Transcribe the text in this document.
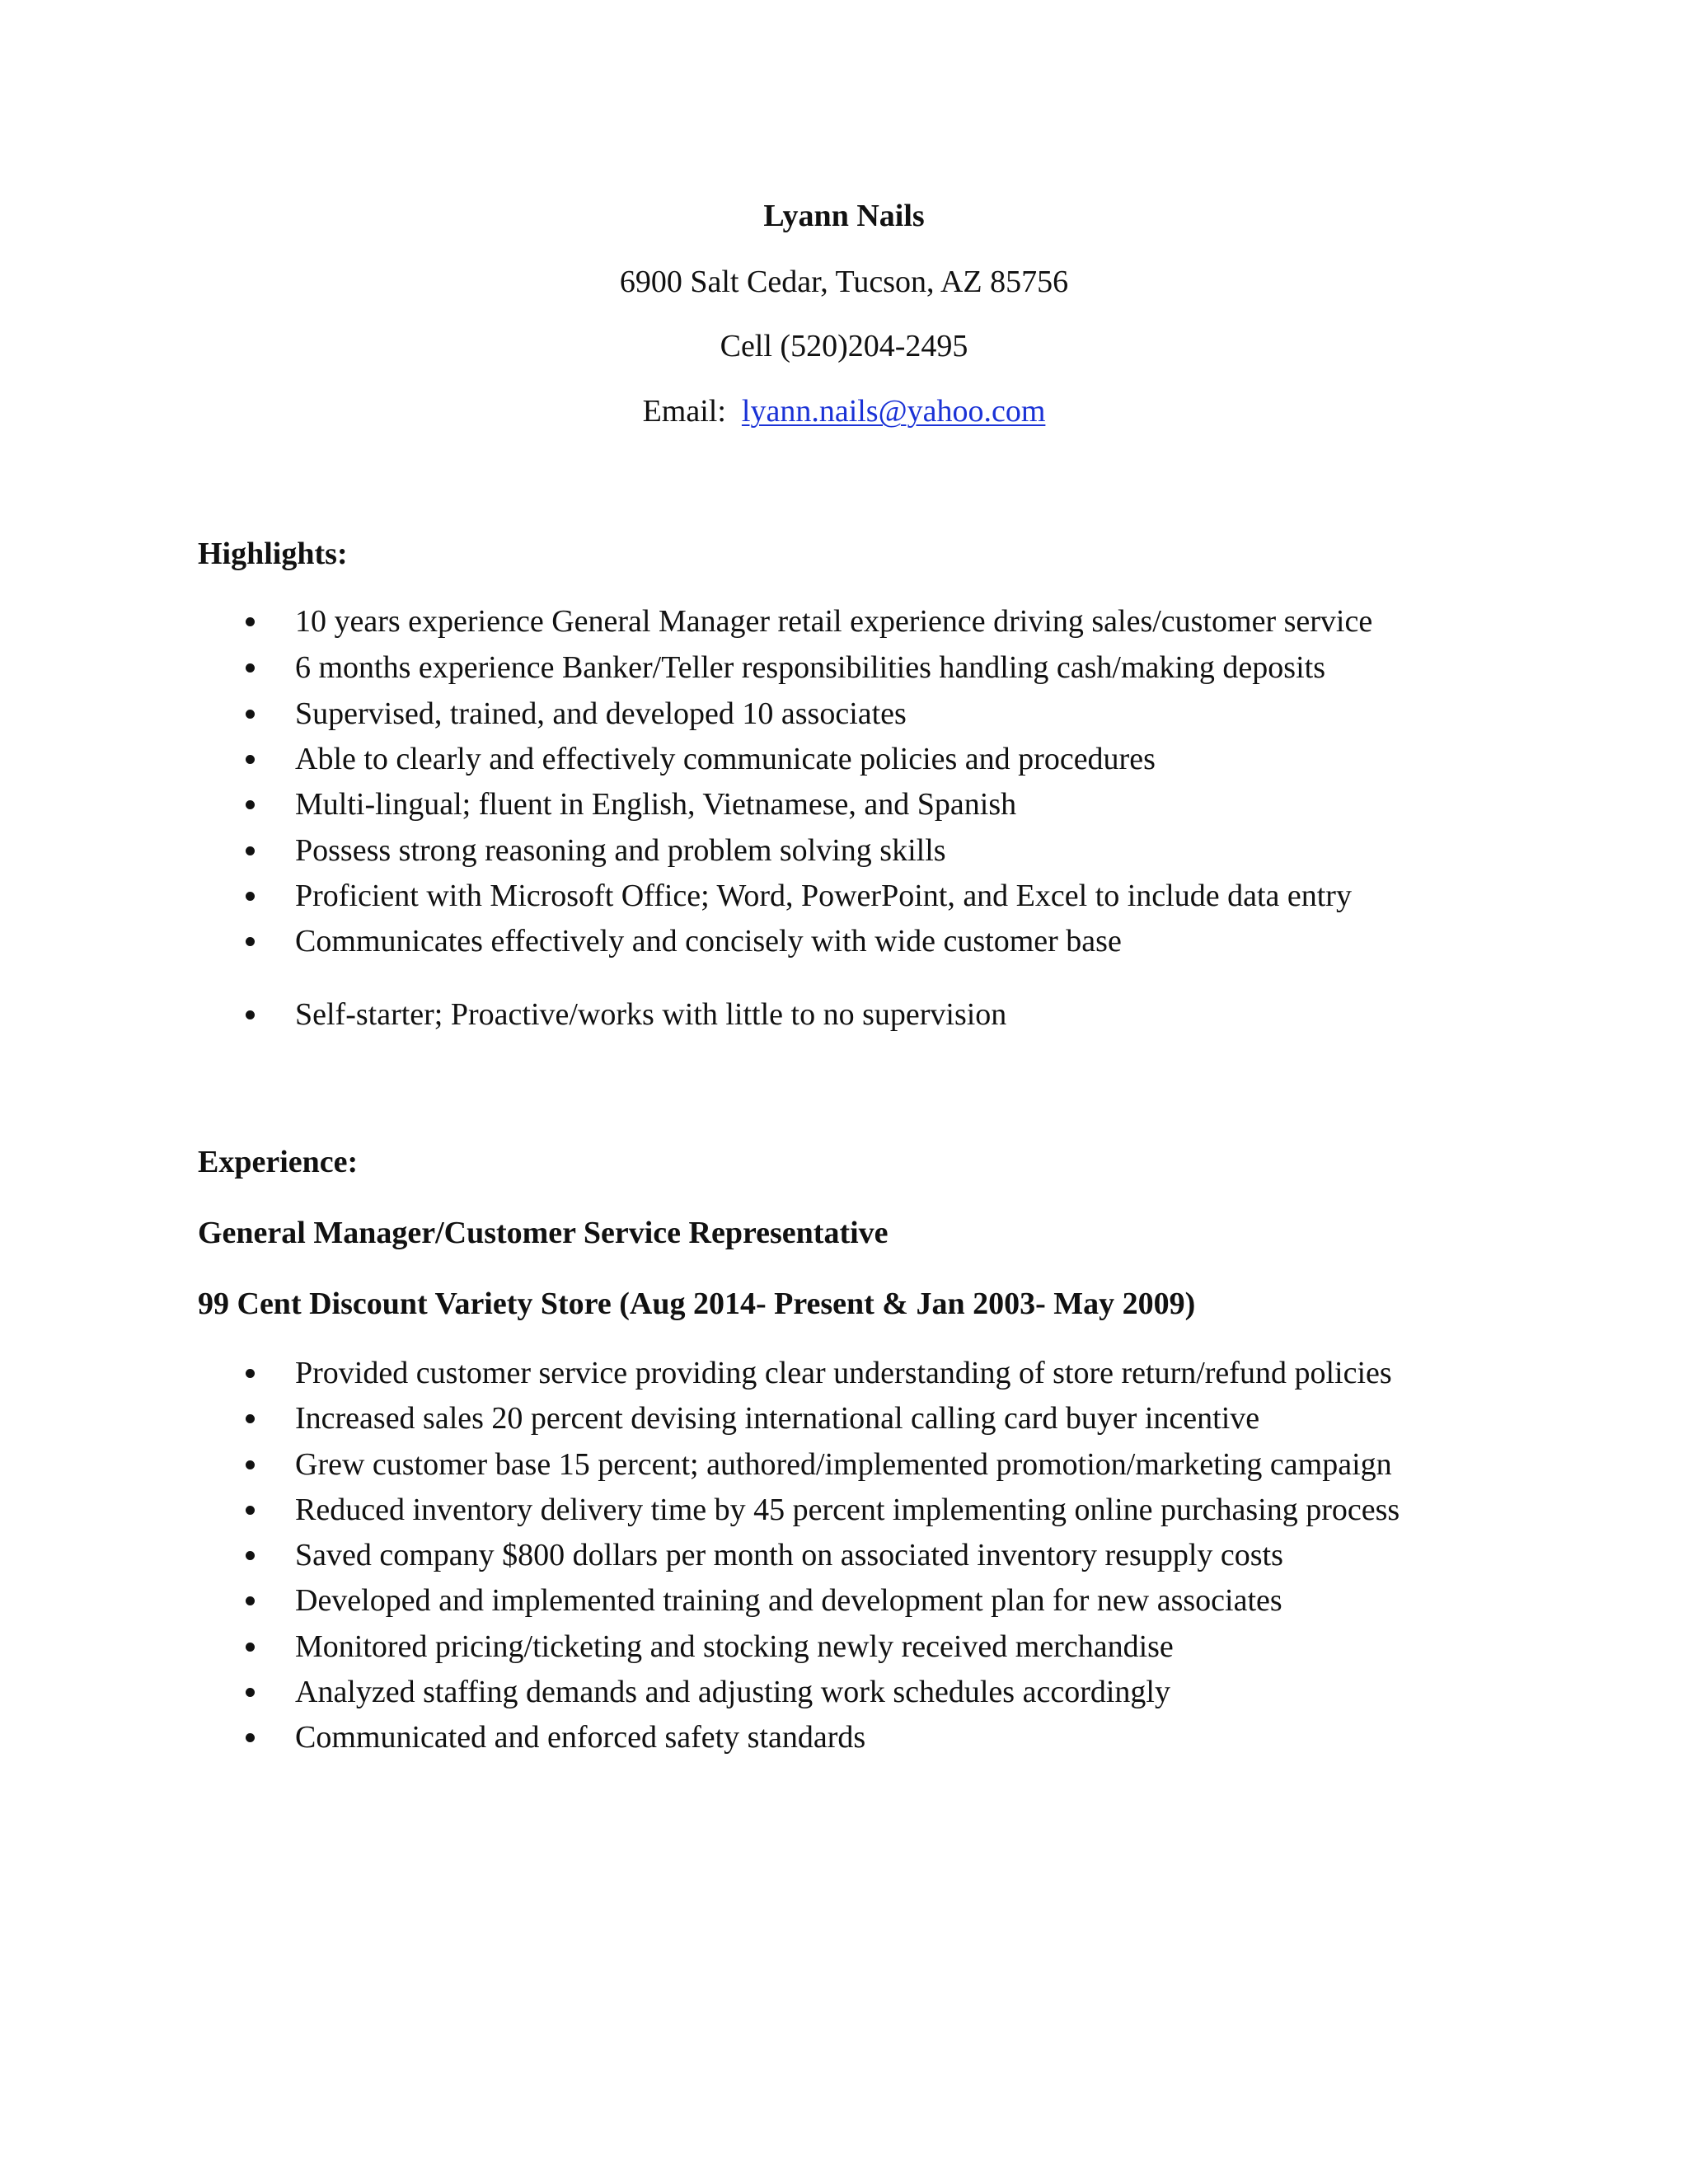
Lyann Nails
6900 Salt Cedar, Tucson, AZ 85756
Cell (520)204-2495
Email: lyann.nails@yahoo.com
Highlights:
10 years experience General Manager retail experience driving sales/customer service
6 months experience Banker/Teller responsibilities handling cash/making deposits
Supervised, trained, and developed 10 associates
Able to clearly and effectively communicate policies and procedures
Multi-lingual; fluent in English, Vietnamese, and Spanish
Possess strong reasoning and problem solving skills
Proficient with Microsoft Office; Word, PowerPoint, and Excel to include data entry
Communicates effectively and concisely with wide customer base
Self-starter; Proactive/works with little to no supervision
Experience:
General Manager/Customer Service Representative
99 Cent Discount Variety Store (Aug 2014- Present & Jan 2003- May 2009)
Provided customer service providing clear understanding of store return/refund policies
Increased sales 20 percent devising international calling card buyer incentive
Grew customer base 15 percent; authored/implemented promotion/marketing campaign
Reduced inventory delivery time by 45 percent implementing online purchasing process
Saved company $800 dollars per month on associated inventory resupply costs
Developed and implemented training and development plan for new associates
Monitored pricing/ticketing and stocking newly received merchandise
Analyzed staffing demands and adjusting work schedules accordingly
Communicated and enforced safety standards
